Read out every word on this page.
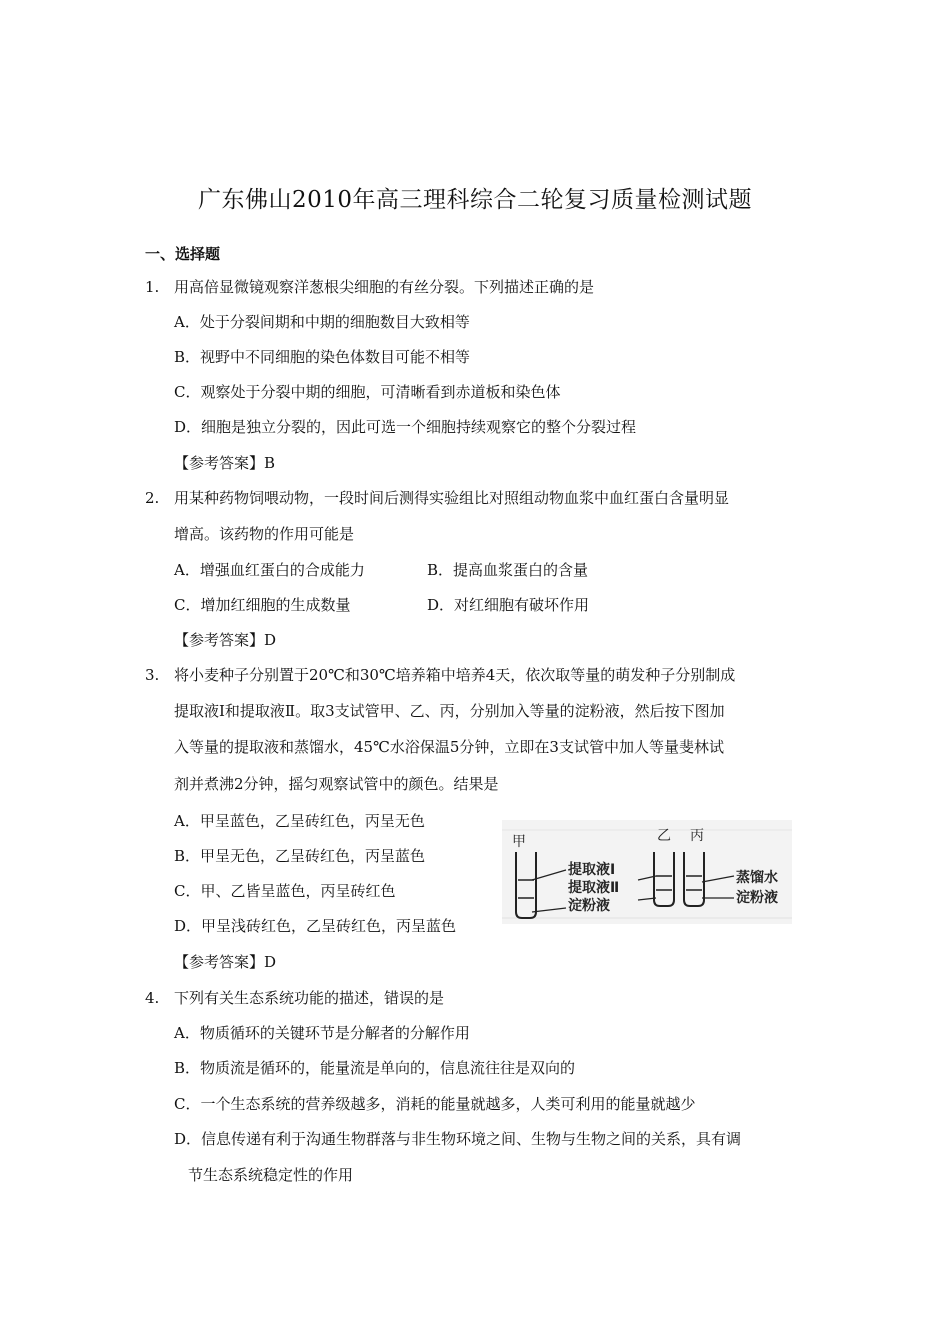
广东佛山2010年高三理科综合二轮复习质量检测试题
一、选择题
1. 用高倍显微镜观察洋葱根尖细胞的有丝分裂。下列描述正确的是
A．处于分裂间期和中期的细胞数目大致相等
B．视野中不同细胞的染色体数目可能不相等
C．观察处于分裂中期的细胞，可清晰看到赤道板和染色体
D．细胞是独立分裂的，因此可选一个细胞持续观察它的整个分裂过程
【参考答案】B
2. 用某种药物饲喂动物，一段时间后测得实验组比对照组动物血浆中血红蛋白含量明显
增高。该药物的作用可能是
A．增强血红蛋白的合成能力	B．提高血浆蛋白的含量
C．增加红细胞的生成数量	D．对红细胞有破坏作用
【参考答案】D
3. 将小麦种子分别置于20℃和30℃培养箱中培养4天，依次取等量的萌发种子分别制成
提取液Ⅰ和提取液Ⅱ。取3支试管甲、乙、丙，分别加入等量的淀粉液，然后按下图加
入等量的提取液和蒸馏水，45℃水浴保温5分钟，立即在3支试管中加人等量斐林试
剂并煮沸2分钟，摇匀观察试管中的颜色。结果是
A．甲呈蓝色，乙呈砖红色，丙呈无色
B．甲呈无色，乙呈砖红色，丙呈蓝色
C．甲、乙皆呈蓝色，丙呈砖红色
D．甲呈浅砖红色，乙呈砖红色，丙呈蓝色
【参考答案】D
甲	乙 丙
提取液Ⅰ
提取液Ⅱ
淀粉液
蒸馏水
淀粉液
4. 下列有关生态系统功能的描述，错误的是
A．物质循环的关键环节是分解者的分解作用
B．物质流是循环的，能量流是单向的，信息流往往是双向的
C．一个生态系统的营养级越多，消耗的能量就越多，人类可利用的能量就越少
D．信息传递有利于沟通生物群落与非生物环境之间、生物与生物之间的关系，具有调
节生态系统稳定性的作用
